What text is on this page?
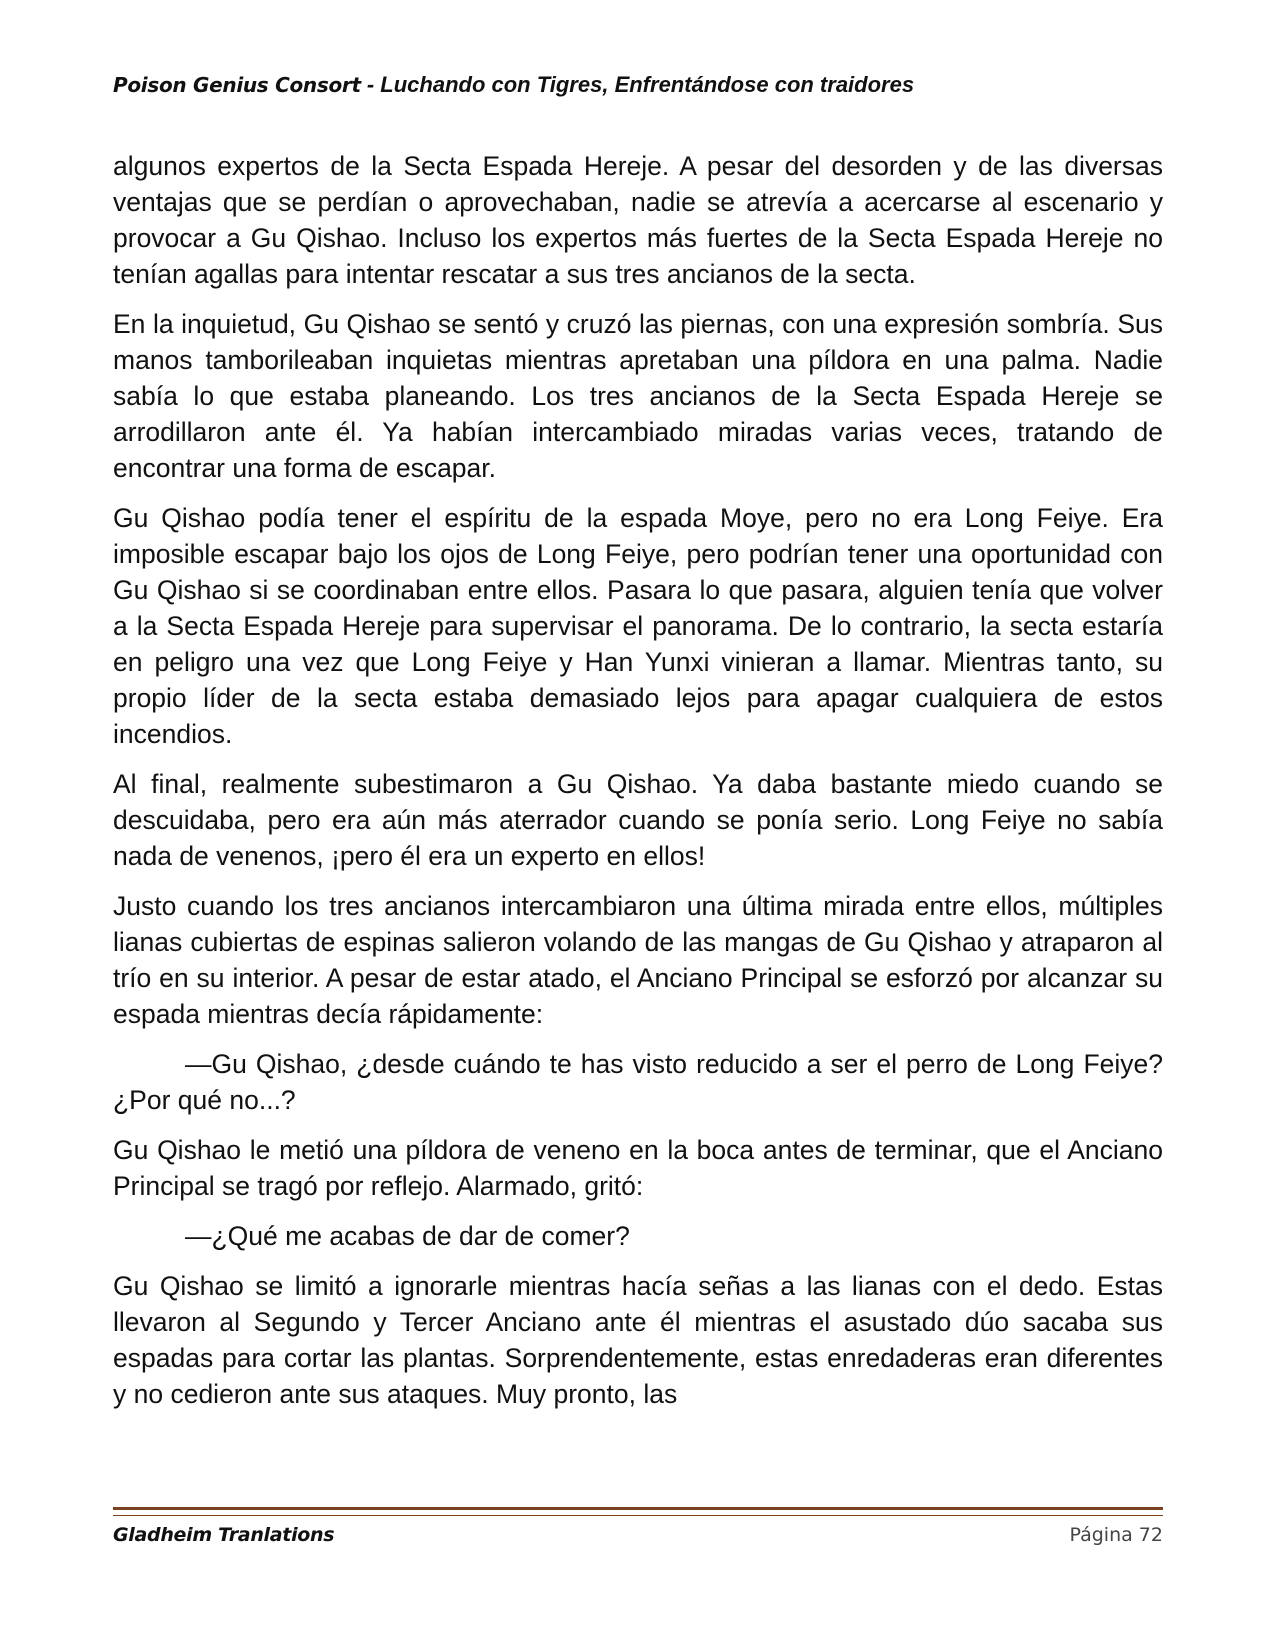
Poison Genius Consort - Luchando con Tigres, Enfrentándose con traidores

algunos expertos de la Secta Espada Hereje. A pesar del desorden y de las diversas ventajas que se perdían o aprovechaban, nadie se atrevía a acercarse al escenario y provocar a Gu Qishao. Incluso los expertos más fuertes de la Secta Espada Hereje no tenían agallas para intentar rescatar a sus tres ancianos de la secta.

En la inquietud, Gu Qishao se sentó y cruzó las piernas, con una expresión sombría. Sus manos tamborileaban inquietas mientras apretaban una píldora en una palma. Nadie sabía lo que estaba planeando. Los tres ancianos de la Secta Espada Hereje se arrodillaron ante él. Ya habían intercambiado miradas varias veces, tratando de encontrar una forma de escapar.

Gu Qishao podía tener el espíritu de la espada Moye, pero no era Long Feiye. Era imposible escapar bajo los ojos de Long Feiye, pero podrían tener una oportunidad con Gu Qishao si se coordinaban entre ellos. Pasara lo que pasara, alguien tenía que volver a la Secta Espada Hereje para supervisar el panorama. De lo contrario, la secta estaría en peligro una vez que Long Feiye y Han Yunxi vinieran a llamar. Mientras tanto, su propio líder de la secta estaba demasiado lejos para apagar cualquiera de estos incendios.

Al final, realmente subestimaron a Gu Qishao. Ya daba bastante miedo cuando se descuidaba, pero era aún más aterrador cuando se ponía serio. Long Feiye no sabía nada de venenos, ¡pero él era un experto en ellos!

Justo cuando los tres ancianos intercambiaron una última mirada entre ellos, múltiples lianas cubiertas de espinas salieron volando de las mangas de Gu Qishao y atraparon al trío en su interior. A pesar de estar atado, el Anciano Principal se esforzó por alcanzar su espada mientras decía rápidamente:

—Gu Qishao, ¿desde cuándo te has visto reducido a ser el perro de Long Feiye? ¿Por qué no...?

Gu Qishao le metió una píldora de veneno en la boca antes de terminar, que el Anciano Principal se tragó por reflejo. Alarmado, gritó:

—¿Qué me acabas de dar de comer?

Gu Qishao se limitó a ignorarle mientras hacía señas a las lianas con el dedo. Estas llevaron al Segundo y Tercer Anciano ante él mientras el asustado dúo sacaba sus espadas para cortar las plantas. Sorprendentemente, estas enredaderas eran diferentes y no cedieron ante sus ataques. Muy pronto, las

Gladheim Tranlations	Página 72
